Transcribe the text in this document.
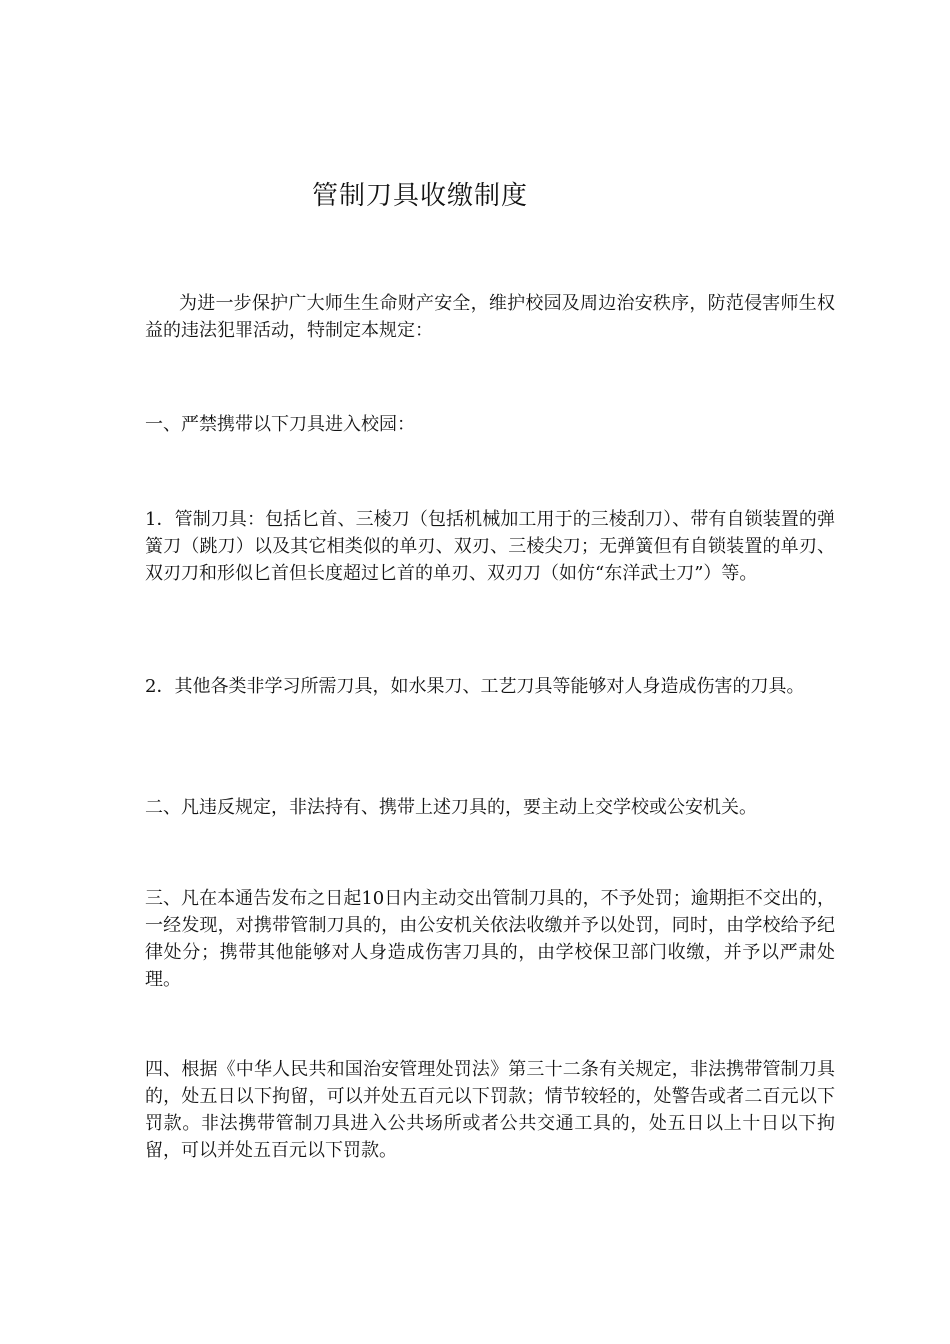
管制刀具收缴制度

为进一步保护广大师生生命财产安全，维护校园及周边治安秩序，防范侵害师生权益的违法犯罪活动，特制定本规定：

一、严禁携带以下刀具进入校园：

1．管制刀具：包括匕首、三棱刀（包括机械加工用于的三棱刮刀）、带有自锁装置的弹簧刀（跳刀）以及其它相类似的单刃、双刃、三棱尖刀；无弹簧但有自锁装置的单刃、双刃刀和形似匕首但长度超过匕首的单刃、双刃刀（如仿“东洋武士刀”）等。

2．其他各类非学习所需刀具，如水果刀、工艺刀具等能够对人身造成伤害的刀具。

二、凡违反规定，非法持有、携带上述刀具的，要主动上交学校或公安机关。

三、凡在本通告发布之日起10日内主动交出管制刀具的，不予处罚；逾期拒不交出的，一经发现，对携带管制刀具的，由公安机关依法收缴并予以处罚，同时，由学校给予纪律处分；携带其他能够对人身造成伤害刀具的，由学校保卫部门收缴，并予以严肃处理。

四、根据《中华人民共和国治安管理处罚法》第三十二条有关规定，非法携带管制刀具的，处五日以下拘留，可以并处五百元以下罚款；情节较轻的，处警告或者二百元以下罚款。非法携带管制刀具进入公共场所或者公共交通工具的，处五日以上十日以下拘留，可以并处五百元以下罚款。
